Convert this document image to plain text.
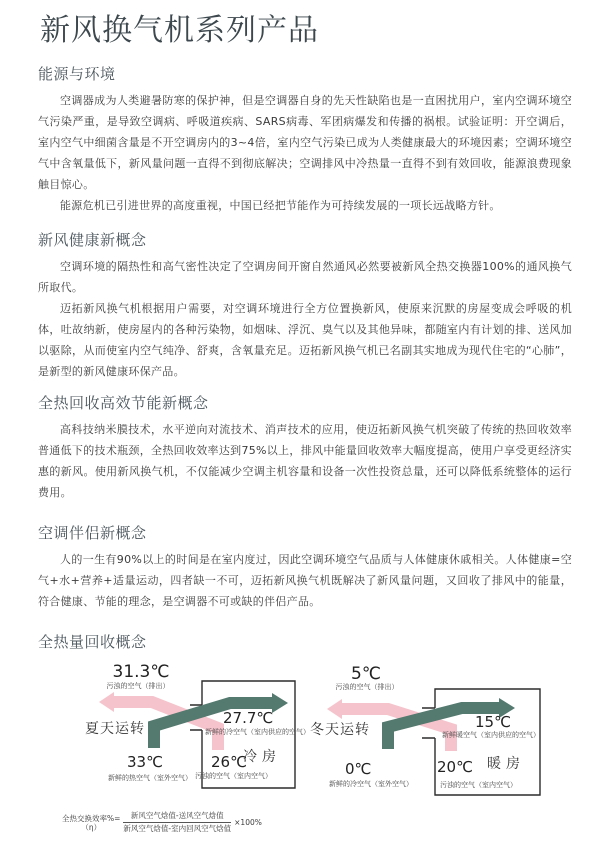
新风换气机系列产品
能源与环境

空调器成为人类避暑防寒的保护神，但是空调器自身的先天性缺陷也是一直困扰用户，室内空调环境空气污染严重，是导致空调病、呼吸道疾病、SARS病毒、军团病爆发和传播的祸根。试验证明：开空调后，室内空气中细菌含量是不开空调房内的3~4倍，室内空气污染已成为人类健康最大的环境因素；空调环境空气中含氧量低下，新风量问题一直得不到彻底解决；空调排风中冷热量一直得不到有效回收，能源浪费现象触目惊心。

能源危机已引进世界的高度重视，中国已经把节能作为可持续发展的一项长远战略方针。

新风健康新概念

空调环境的隔热性和高气密性决定了空调房间开窗自然通风必然要被新风全热交换器100%的通风换气所取代。

迈拓新风换气机根据用户需要，对空调环境进行全方位置换新风，使原来沉默的房屋变成会呼吸的机体，吐故纳新，使房屋内的各种污染物，如烟味、浮沉、臭气以及其他异味，都随室内有计划的排、送风加以驱除，从而使室内空气纯净、舒爽，含氧量充足。迈拓新风换气机已名副其实地成为现代住宅的“心肺”，是新型的新风健康环保产品。

全热回收高效节能新概念

高科技纳米膜技术，水平逆向对流技术、消声技术的应用，使迈拓新风换气机突破了传统的热回收效率普通低下的技术瓶颈，全热回收效率达到75%以上，排风中能量回收效率大幅度提高，使用户享受更经济实惠的新风。使用新风换气机，不仅能减少空调主机容量和设备一次性投资总量，还可以降低系统整体的运行费用。

空调伴侣新概念

人的一生有90%以上的时间是在室内度过，因此空调环境空气品质与人体健康休戚相关。人体健康=空气+水+营养+适量运动，四者缺一不可，迈拓新风换气机既解决了新风量问题，又回收了排风中的能量，符合健康、节能的理念，是空调器不可或缺的伴侣产品。

全热量回收概念
31.3℃
污浊的空气（排出）
夏天运转
27.7℃
新鲜的冷空气（室内供应的空气）
冷房
26℃
污浊的空气（室内空气）
33℃
新鲜的热空气（室外空气）
5℃
污浊的空气（排出）
冬天运转	15℃
新鲜暖空气（室内供应的空气）
暖房
20℃
污浊的空气（室内空气）
0℃
新鲜的冷空气（室外空气）
全热交换效率%=
（η）	$\frac{\text{新风空气焓值-送风空气焓值}}{\text{新风空气焓值-室内回风空气焓值}} \times 100\%$
